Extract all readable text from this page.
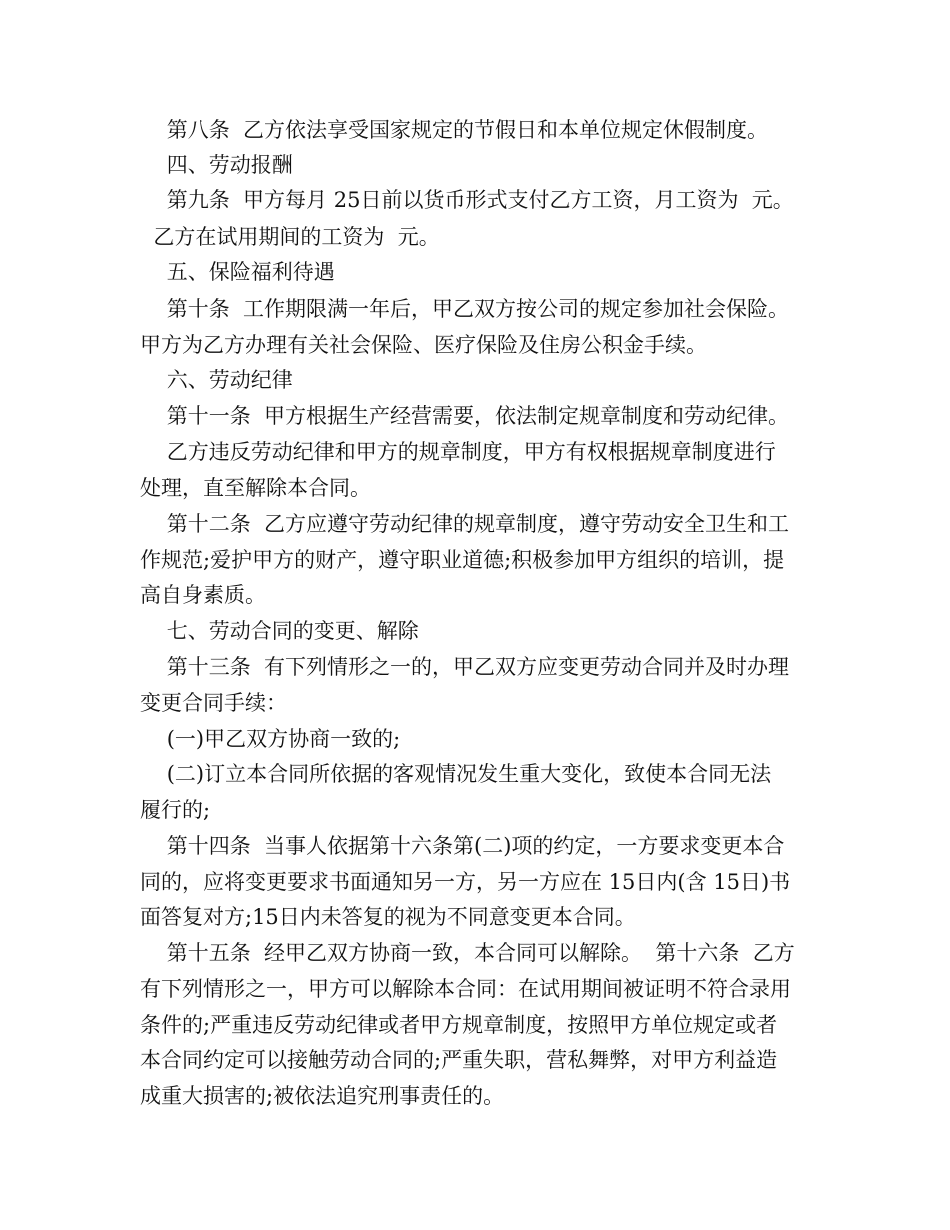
第八条  乙方依法享受国家规定的节假日和本单位规定休假制度。
四、劳动报酬
第九条  甲方每月 25日前以货币形式支付乙方工资，月工资为  元。
乙方在试用期间的工资为  元。
五、保险福利待遇
第十条  工作期限满一年后，甲乙双方按公司的规定参加社会保险。
甲方为乙方办理有关社会保险、医疗保险及住房公积金手续。
六、劳动纪律
第十一条  甲方根据生产经营需要，依法制定规章制度和劳动纪律。
乙方违反劳动纪律和甲方的规章制度，甲方有权根据规章制度进行
处理，直至解除本合同。
第十二条  乙方应遵守劳动纪律的规章制度，遵守劳动安全卫生和工
作规范;爱护甲方的财产，遵守职业道德;积极参加甲方组织的培训，提
高自身素质。
七、劳动合同的变更、解除
第十三条  有下列情形之一的，甲乙双方应变更劳动合同并及时办理
变更合同手续：
(一)甲乙双方协商一致的;
(二)订立本合同所依据的客观情况发生重大变化，致使本合同无法
履行的;
第十四条  当事人依据第十六条第(二)项的约定，一方要求变更本合
同的，应将变更要求书面通知另一方，另一方应在 15日内(含 15日)书
面答复对方;15日内未答复的视为不同意变更本合同。
第十五条  经甲乙双方协商一致，本合同可以解除。  第十六条  乙方
有下列情形之一，甲方可以解除本合同：在试用期间被证明不符合录用
条件的;严重违反劳动纪律或者甲方规章制度，按照甲方单位规定或者
本合同约定可以接触劳动合同的;严重失职，营私舞弊，对甲方利益造
成重大损害的;被依法追究刑事责任的。
